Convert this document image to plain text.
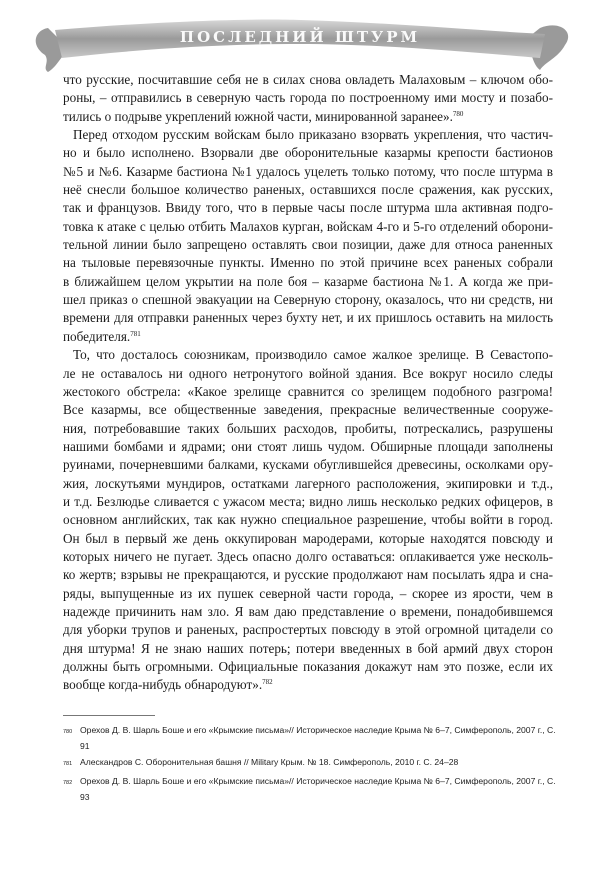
ПОСЛЕДНИЙ ШТУРМ
что русские, посчитавшие себя не в силах снова овладеть Малаховым – ключом обо-
роны, – отправились в северную часть города по построенному ими мосту и позабо-
тились о подрыве укреплений южной части, минированной заранее».$^{780}$
Перед отходом русским войскам было приказано взорвать укрепления, что частич-
но и было исполнено. Взорвали две оборонительные казармы крепости бастионов
№5 и №6. Казарме бастиона №1 удалось уцелеть только потому, что после штурма в
неё снесли большое количество раненых, оставшихся после сражения, как русских,
так и французов. Ввиду того, что в первые часы после штурма шла активная подго-
товка к атаке с целью отбить Малахов курган, войскам 4-го и 5-го отделений оборони-
тельной линии было запрещено оставлять свои позиции, даже для относа раненных
на тыловые перевязочные пункты. Именно по этой причине всех раненых собрали
в ближайшем целом укрытии на поле боя – казарме бастиона №1. А когда же при-
шел приказ о спешной эвакуации на Северную сторону, оказалось, что ни средств, ни
времени для отправки раненных через бухту нет, и их пришлось оставить на милость
победителя.$^{781}$
То, что досталось союзникам, производило самое жалкое зрелище. В Севастопо-
ле не оставалось ни одного нетронутого войной здания. Все вокруг носило следы
жестокого обстрела: «Какое зрелище сравнится со зрелищем подобного разгрома!
Все казармы, все общественные заведения, прекрасные величественные сооруже-
ния, потребовавшие таких больших расходов, пробиты, потрескались, разрушены
нашими бомбами и ядрами; они стоят лишь чудом. Обширные площади заполнены
руинами, почерневшими балками, кусками обуглившейся древесины, осколками ору-
жия, лоскутьями мундиров, остатками лагерного расположения, экипировки и т.д.,
и т.д. Безлюдье сливается с ужасом места; видно лишь несколько редких офицеров, в
основном английских, так как нужно специальное разрешение, чтобы войти в город.
Он был в первый же день оккупирован мародерами, которые находятся повсюду и
которых ничего не пугает. Здесь опасно долго оставаться: оплакивается уже несколь-
ко жертв; взрывы не прекращаются, и русские продолжают нам посылать ядра и сна-
ряды, выпущенные из их пушек северной части города, – скорее из ярости, чем в
надежде причинить нам зло. Я вам даю представление о времени, понадобившемся
для уборки трупов и раненых, распростертых повсюду в этой огромной цитадели со
дня штурма! Я не знаю наших потерь; потери введенных в бой армий двух сторон
должны быть огромными. Официальные показания докажут нам это позже, если их
вообще когда-нибудь обнародуют».$^{782}$
780 Орехов Д. В. Шарль Боше и его «Крымские письма»// Историческое наследие Крыма № 6–7, Симферополь, 2007 г., С. 91
781 Алескандров С. Оборонительная башня // Military Крым. № 18. Симферополь, 2010 г. С. 24–28
782 Орехов Д. В. Шарль Боше и его «Крымские письма»// Историческое наследие Крыма № 6–7, Симферополь, 2007 г., С. 93
